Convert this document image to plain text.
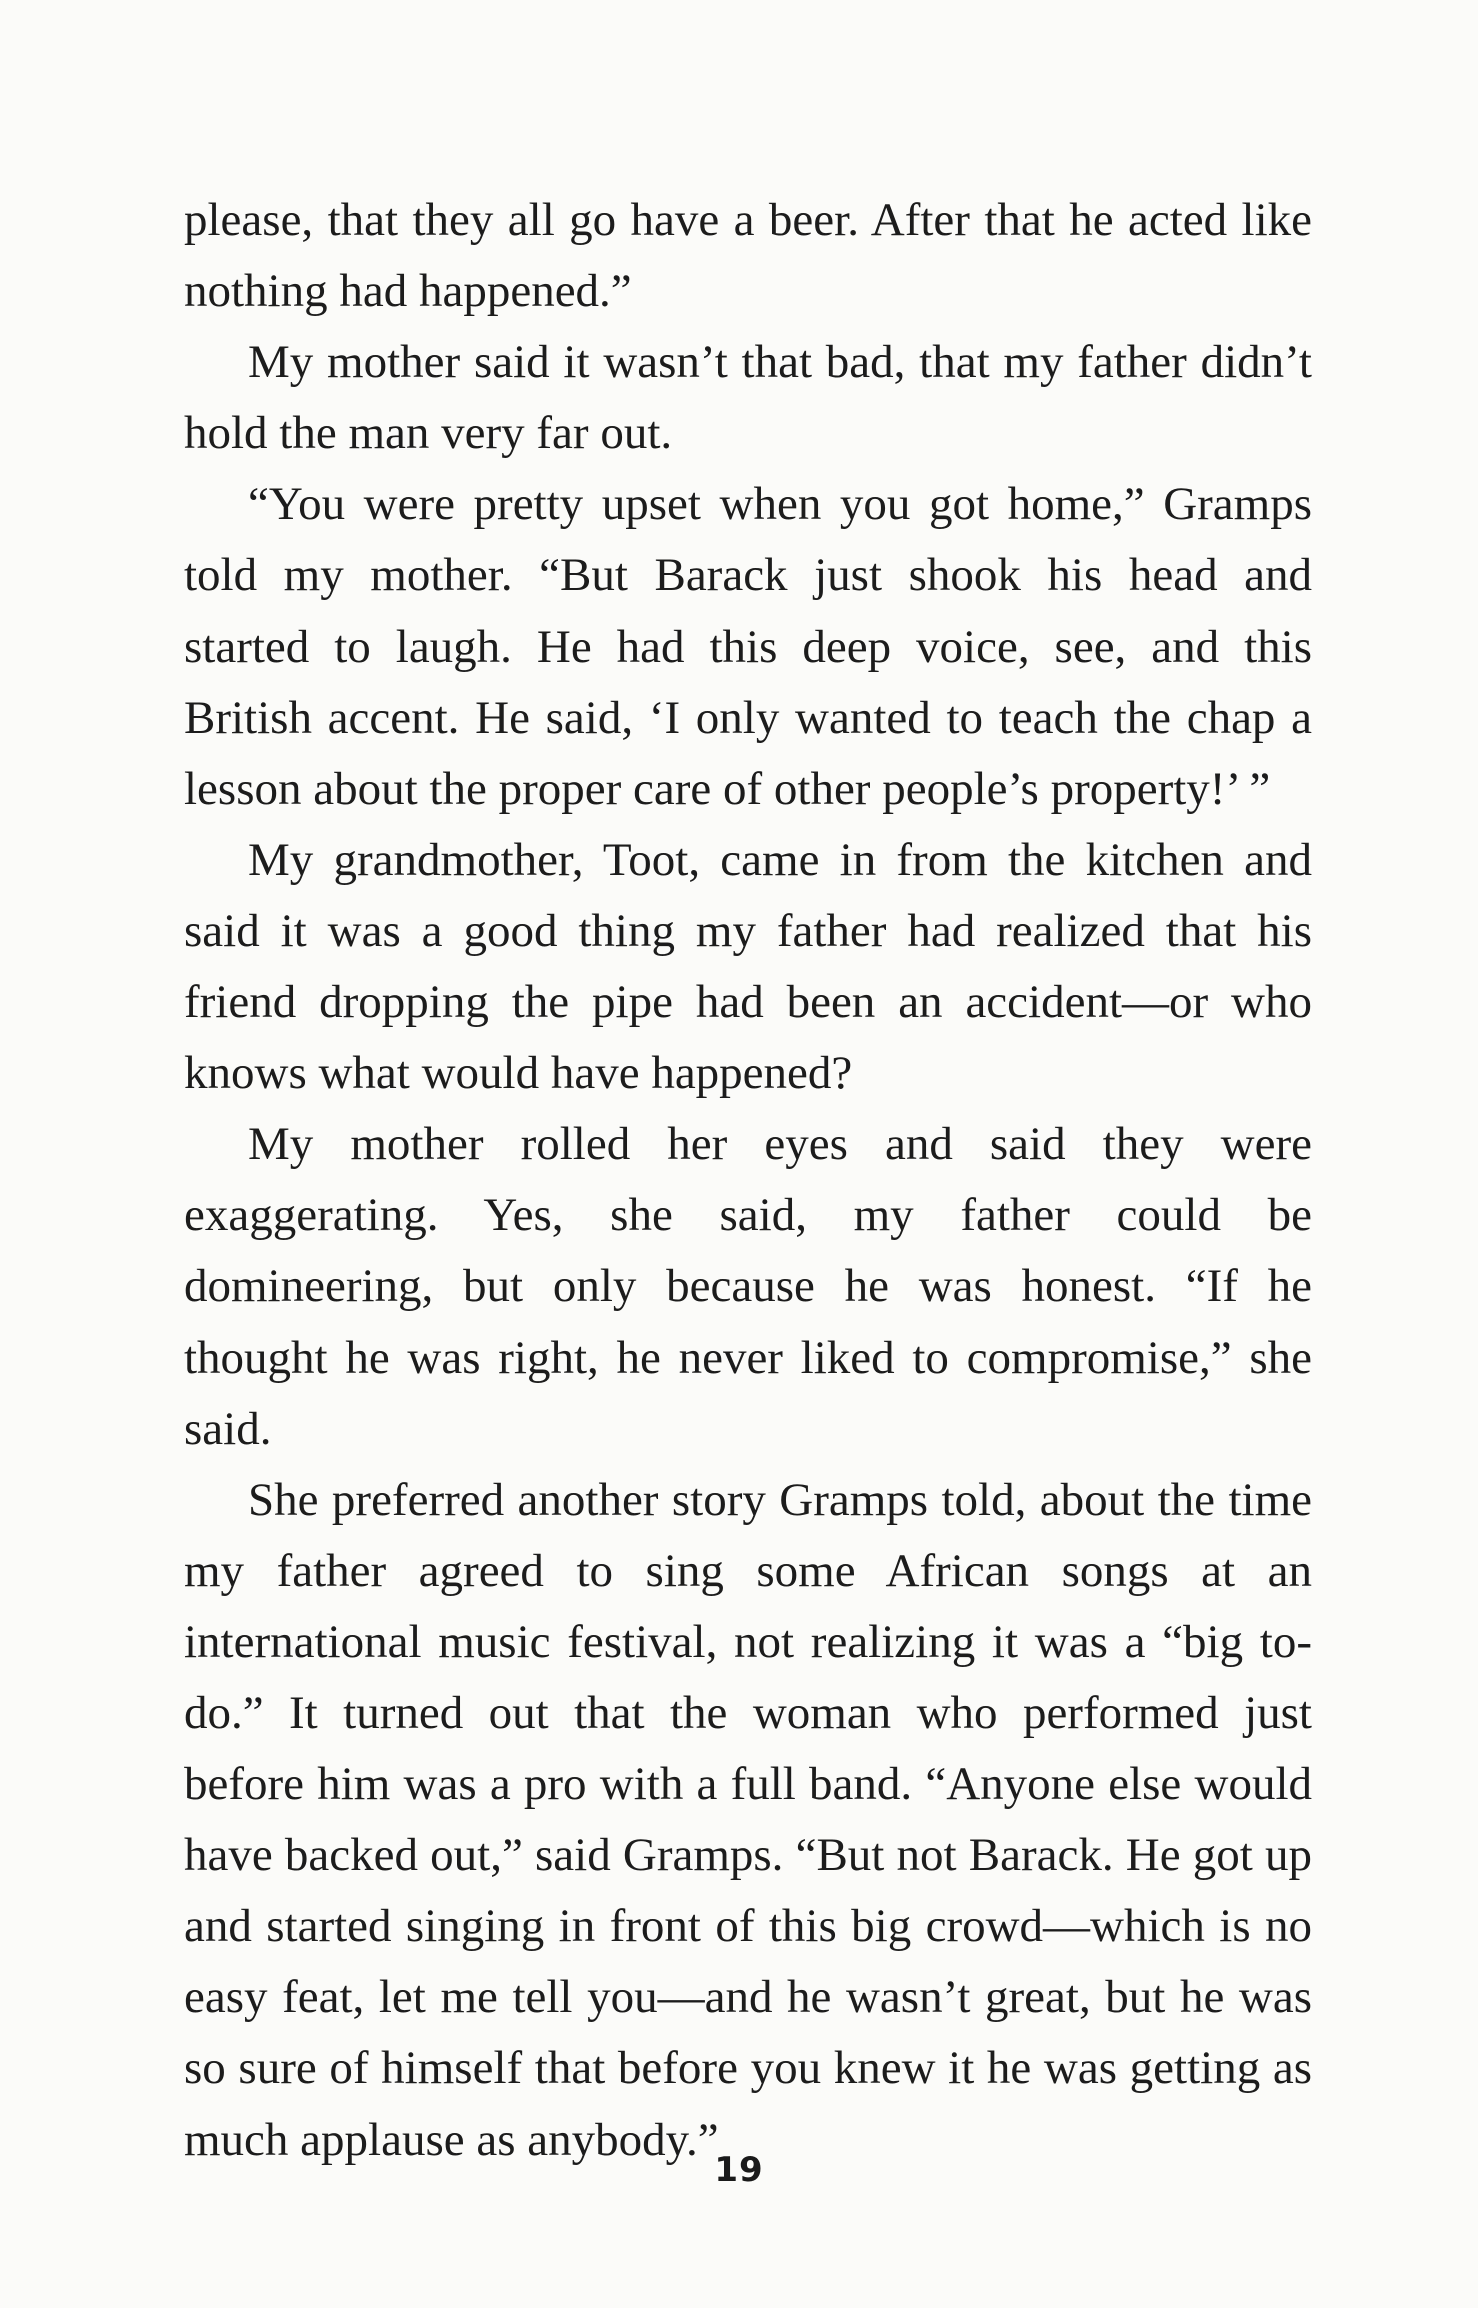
please, that they all go have a beer. After that he acted like nothing had happened.”

My mother said it wasn’t that bad, that my father didn’t hold the man very far out.

“You were pretty upset when you got home,” Gramps told my mother. “But Barack just shook his head and started to laugh. He had this deep voice, see, and this British accent. He said, ‘I only wanted to teach the chap a lesson about the proper care of other people’s property!’ ”

My grandmother, Toot, came in from the kitchen and said it was a good thing my father had realized that his friend dropping the pipe had been an accident—or who knows what would have happened?

My mother rolled her eyes and said they were exaggerating. Yes, she said, my father could be domineering, but only because he was honest. “If he thought he was right, he never liked to compromise,” she said.

She preferred another story Gramps told, about the time my father agreed to sing some African songs at an international music festival, not realizing it was a “big to-do.” It turned out that the woman who performed just before him was a pro with a full band. “Anyone else would have backed out,” said Gramps. “But not Barack. He got up and started singing in front of this big crowd—which is no easy feat, let me tell you—and he wasn’t great, but he was so sure of himself that before you knew it he was getting as much applause as anybody.”

19
